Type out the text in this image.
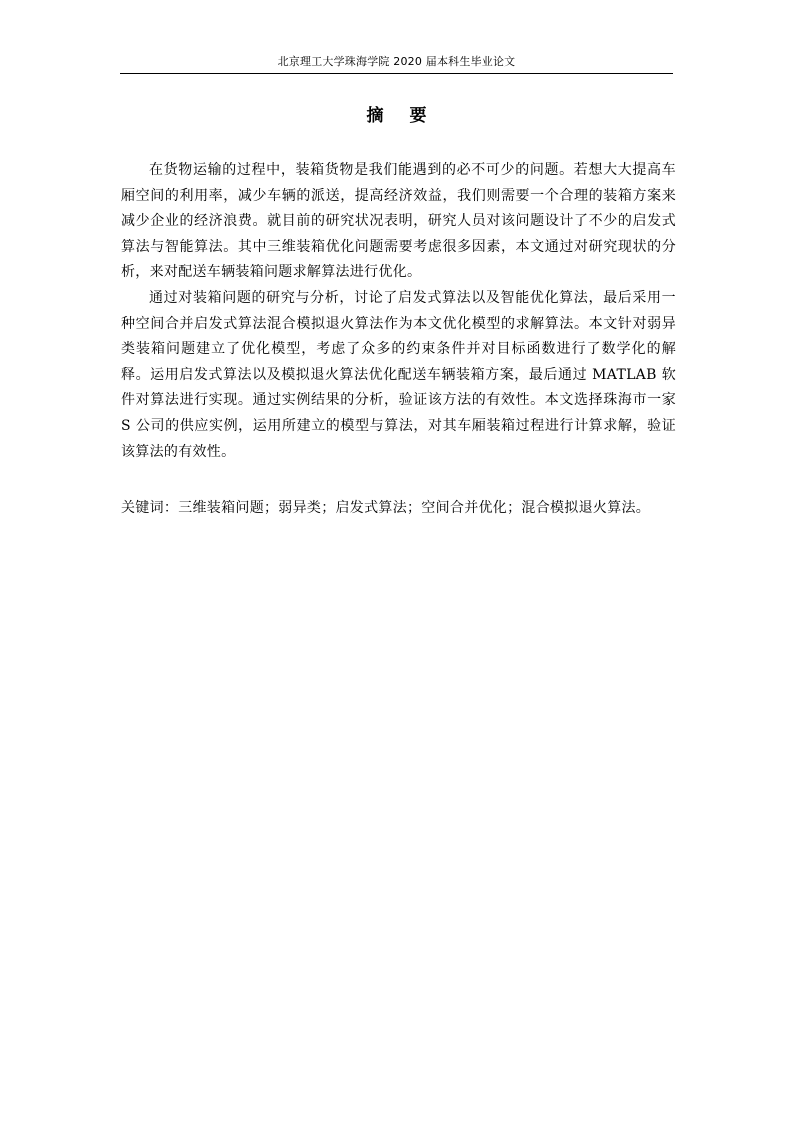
北京理工大学珠海学院 2020 届本科生毕业论文
摘要

在货物运输的过程中，装箱货物是我们能遇到的必不可少的问题。若想大大提高车厢空间的利用率，减少车辆的派送，提高经济效益，我们则需要一个合理的装箱方案来减少企业的经济浪费。就目前的研究状况表明，研究人员对该问题设计了不少的启发式算法与智能算法。其中三维装箱优化问题需要考虑很多因素，本文通过对研究现状的分析，来对配送车辆装箱问题求解算法进行优化。

通过对装箱问题的研究与分析，讨论了启发式算法以及智能优化算法，最后采用一种空间合并启发式算法混合模拟退火算法作为本文优化模型的求解算法。本文针对弱异类装箱问题建立了优化模型，考虑了众多的约束条件并对目标函数进行了数学化的解释。运用启发式算法以及模拟退火算法优化配送车辆装箱方案，最后通过 MATLAB 软件对算法进行实现。通过实例结果的分析，验证该方法的有效性。本文选择珠海市一家 S 公司的供应实例，运用所建立的模型与算法，对其车厢装箱过程进行计算求解，验证该算法的有效性。

关键词：三维装箱问题；弱异类；启发式算法；空间合并优化；混合模拟退火算法。
